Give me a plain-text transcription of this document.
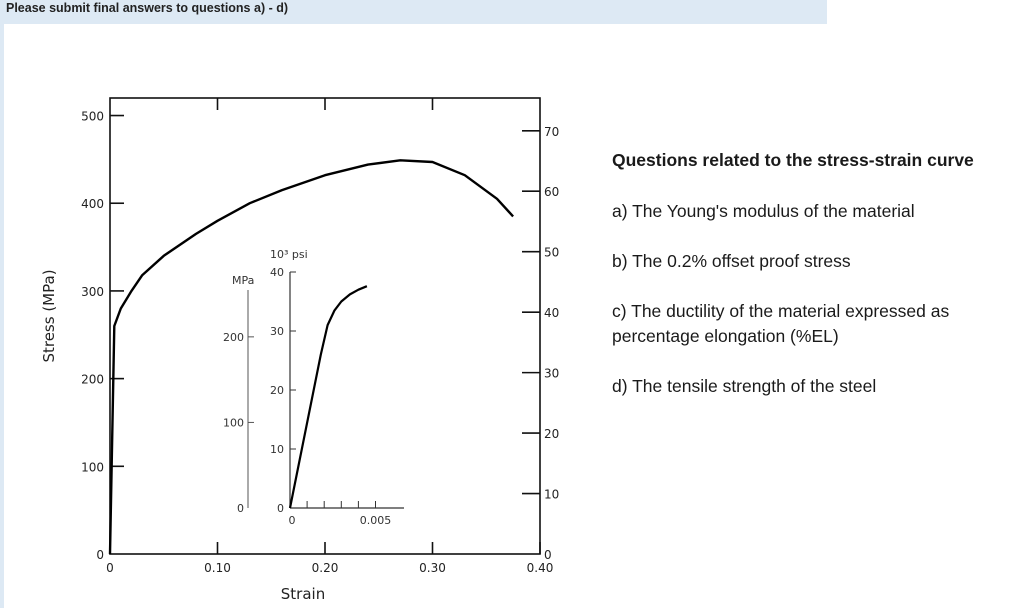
Please submit final answers to questions a) - d)
Stress (MPa)
Strain
500
400
300
200
100
0
70
60
50
40
30
20
10
0
0	0.10	0.20	0.30	0.40
40
30
20
10
0
200
100
0
0	0.005
10³ psi
MPa
Questions related to the stress-strain curve
a) The Young's modulus of the material
b) The 0.2% offset proof stress
c) The ductility of the material expressed as percentage elongation (%EL)
d) The tensile strength of the steel
